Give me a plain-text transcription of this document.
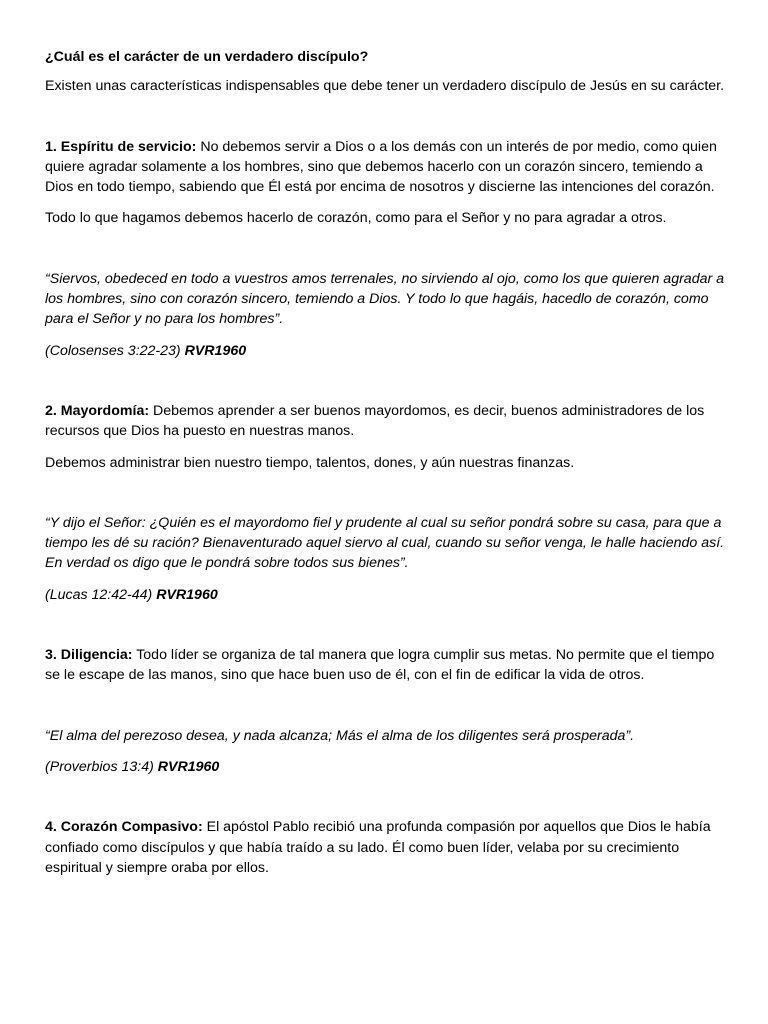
¿Cuál es el carácter de un verdadero discípulo?

Existen unas características indispensables que debe tener un verdadero discípulo de Jesús en su carácter.

1. Espíritu de servicio: No debemos servir a Dios o a los demás con un interés de por medio, como quien quiere agradar solamente a los hombres, sino que debemos hacerlo con un corazón sincero, temiendo a Dios en todo tiempo, sabiendo que Él está por encima de nosotros y discierne las intenciones del corazón.

Todo lo que hagamos debemos hacerlo de corazón, como para el Señor y no para agradar a otros.

“Siervos, obedeced en todo a vuestros amos terrenales, no sirviendo al ojo, como los que quieren agradar a los hombres, sino con corazón sincero, temiendo a Dios. Y todo lo que hagáis, hacedlo de corazón, como para el Señor y no para los hombres”.

(Colosenses 3:22-23) RVR1960

2. Mayordomía: Debemos aprender a ser buenos mayordomos, es decir, buenos administradores de los recursos que Dios ha puesto en nuestras manos.

Debemos administrar bien nuestro tiempo, talentos, dones, y aún nuestras finanzas.

“Y dijo el Señor: ¿Quién es el mayordomo fiel y prudente al cual su señor pondrá sobre su casa, para que a tiempo les dé su ración? Bienaventurado aquel siervo al cual, cuando su señor venga, le halle haciendo así. En verdad os digo que le pondrá sobre todos sus bienes”.

(Lucas 12:42-44) RVR1960

3. Diligencia: Todo líder se organiza de tal manera que logra cumplir sus metas. No permite que el tiempo se le escape de las manos, sino que hace buen uso de él, con el fin de edificar la vida de otros.

“El alma del perezoso desea, y nada alcanza; Más el alma de los diligentes será prosperada”.

(Proverbios 13:4) RVR1960

4. Corazón Compasivo: El apóstol Pablo recibió una profunda compasión por aquellos que Dios le había confiado como discípulos y que había traído a su lado. Él como buen líder, velaba por su crecimiento espiritual y siempre oraba por ellos.
